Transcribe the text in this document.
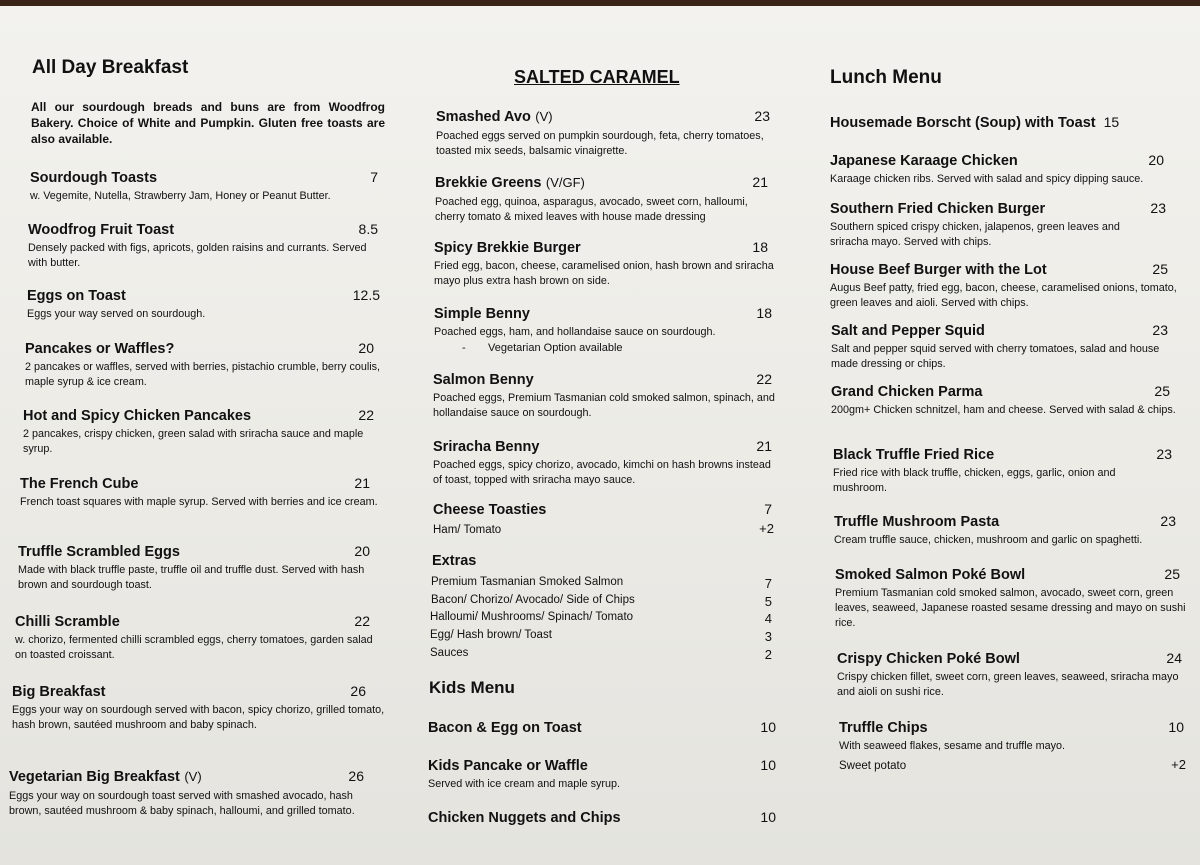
All Day Breakfast
All our sourdough breads and buns are from Woodfrog Bakery. Choice of White and Pumpkin. Gluten free toasts are also available.
Sourdough Toasts	7
w. Vegemite, Nutella, Strawberry Jam, Honey or Peanut Butter.
Woodfrog Fruit Toast	8.5
Densely packed with figs, apricots, golden raisins and currants. Served with butter.
Eggs on Toast	12.5
Eggs your way served on sourdough.
Pancakes or Waffles?	20
2 pancakes or waffles, served with berries, pistachio crumble, berry coulis, maple syrup & ice cream.
Hot and Spicy Chicken Pancakes	22
2 pancakes, crispy chicken, green salad with sriracha sauce and maple syrup.
The French Cube	21
French toast squares with maple syrup. Served with berries and ice cream.
Truffle Scrambled Eggs	20
Made with black truffle paste, truffle oil and truffle dust. Served with hash brown and sourdough toast.
Chilli Scramble	22
w. chorizo, fermented chilli scrambled eggs, cherry tomatoes, garden salad on toasted croissant.
Big Breakfast	26
Eggs your way on sourdough served with bacon, spicy chorizo, grilled tomato, hash brown, sautéed mushroom and baby spinach.
Vegetarian Big Breakfast (V)	26
Eggs your way on sourdough toast served with smashed avocado, hash brown, sautéed mushroom & baby spinach, halloumi, and grilled tomato.
SALTED CARAMEL
Smashed Avo (V)	23
Poached eggs served on pumpkin sourdough, feta, cherry tomatoes, toasted mix seeds, balsamic vinaigrette.
Brekkie Greens (V/GF)	21
Poached egg, quinoa, asparagus, avocado, sweet corn, halloumi, cherry tomato & mixed leaves with house made dressing
Spicy Brekkie Burger	18
Fried egg, bacon, cheese, caramelised onion, hash brown and sriracha mayo plus extra hash brown on side.
Simple Benny	18
Poached eggs, ham, and hollandaise sauce on sourdough.
- Vegetarian Option available
Salmon Benny	22
Poached eggs, Premium Tasmanian cold smoked salmon, spinach, and hollandaise sauce on sourdough.
Sriracha Benny	21
Poached eggs, spicy chorizo, avocado, kimchi on hash browns instead of toast, topped with sriracha mayo sauce.
Cheese Toasties	7
Ham/ Tomato	+2
Extras
Premium Tasmanian Smoked Salmon	7
Bacon/ Chorizo/ Avocado/ Side of Chips	5
Halloumi/ Mushrooms/ Spinach/ Tomato	4
Egg/ Hash brown/ Toast	3
Sauces	2
Kids Menu
Bacon & Egg on Toast	10
Kids Pancake or Waffle	10
Served with ice cream and maple syrup.
Chicken Nuggets and Chips	10
Lunch Menu
Housemade Borscht (Soup) with Toast 15
Japanese Karaage Chicken	20
Karaage chicken ribs. Served with salad and spicy dipping sauce.
Southern Fried Chicken Burger	23
Southern spiced crispy chicken, jalapenos, green leaves and sriracha mayo. Served with chips.
House Beef Burger with the Lot	25
Augus Beef patty, fried egg, bacon, cheese, caramelised onions, tomato, green leaves and aioli. Served with chips.
Salt and Pepper Squid	23
Salt and pepper squid served with cherry tomatoes, salad and house made dressing or chips.
Grand Chicken Parma	25
200gm+ Chicken schnitzel, ham and cheese. Served with salad & chips.
Black Truffle Fried Rice	23
Fried rice with black truffle, chicken, eggs, garlic, onion and mushroom.
Truffle Mushroom Pasta	23
Cream truffle sauce, chicken, mushroom and garlic on spaghetti.
Smoked Salmon Poké Bowl	25
Premium Tasmanian cold smoked salmon, avocado, sweet corn, green leaves, seaweed, Japanese roasted sesame dressing and mayo on sushi rice.
Crispy Chicken Poké Bowl	24
Crispy chicken fillet, sweet corn, green leaves, seaweed, sriracha mayo and aioli on sushi rice.
Truffle Chips	10
With seaweed flakes, sesame and truffle mayo.
Sweet potato	+2
